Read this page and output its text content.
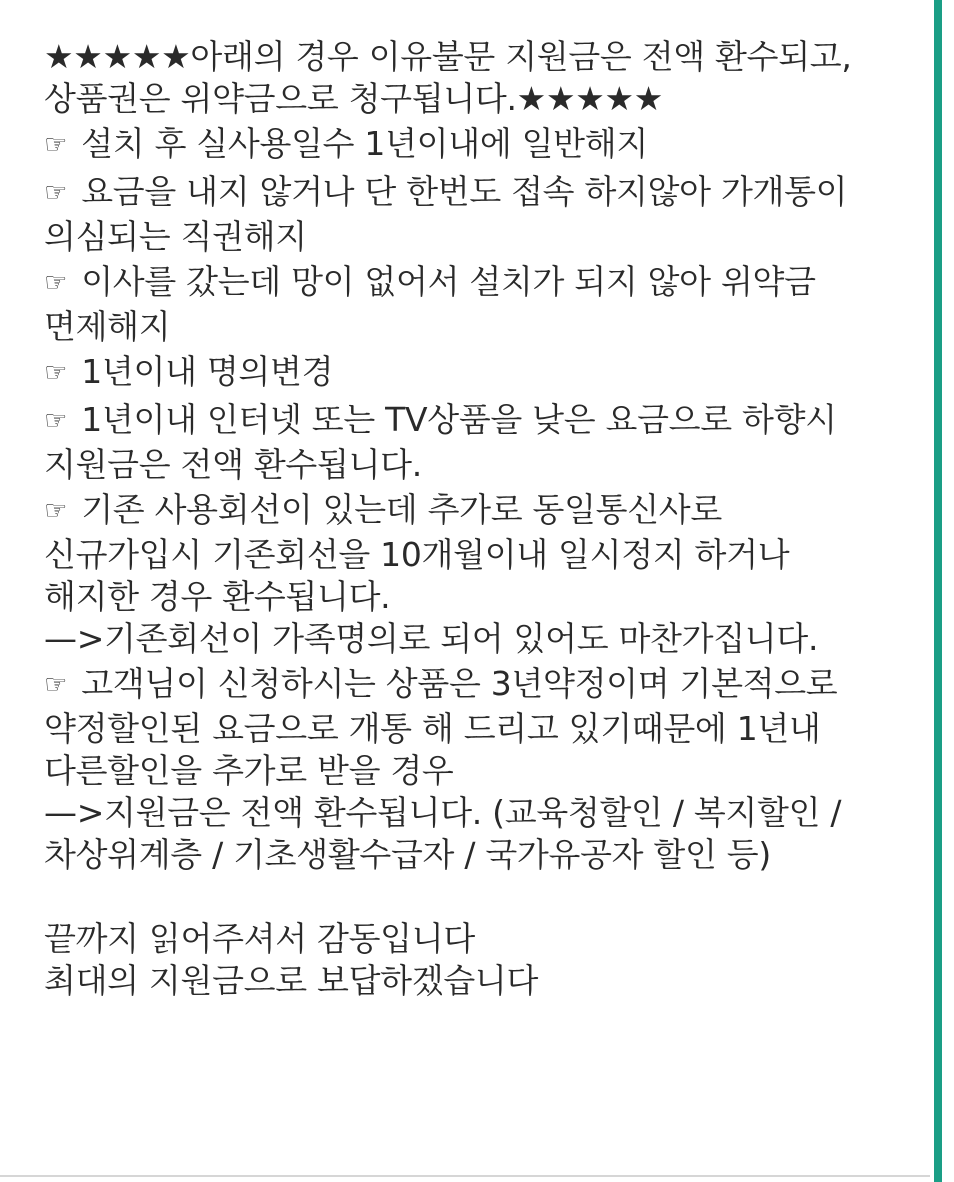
★★★★★아래의 경우 이유불문 지원금은 전액 환수되고, 상품권은 위약금으로 청구됩니다.★★★★★

☞ 설치 후 실사용일수 1년이내에 일반해지

☞ 요금을 내지 않거나 단 한번도 접속 하지않아 가개통이 의심되는 직권해지

☞ 이사를 갔는데 망이 없어서 설치가 되지 않아 위약금 면제해지

☞ 1년이내 명의변경

☞ 1년이내 인터넷 또는 TV상품을 낮은 요금으로 하향시 지원금은 전액 환수됩니다.

☞ 기존 사용회선이 있는데 추가로 동일통신사로 신규가입시 기존회선을 10개월이내 일시정지 하거나 해지한 경우 환수됩니다.

—>기존회선이 가족명의로 되어 있어도 마찬가집니다.

☞ 고객님이 신청하시는 상품은 3년약정이며 기본적으로 약정할인된 요금으로 개통 해 드리고 있기때문에 1년내 다른할인을 추가로 받을 경우

—>지원금은 전액 환수됩니다. (교육청할인 / 복지할인 / 차상위계층 / 기초생활수급자 / 국가유공자 할인 등)

끝까지 읽어주셔서 감동입니다

최대의 지원금으로 보답하겠습니다
